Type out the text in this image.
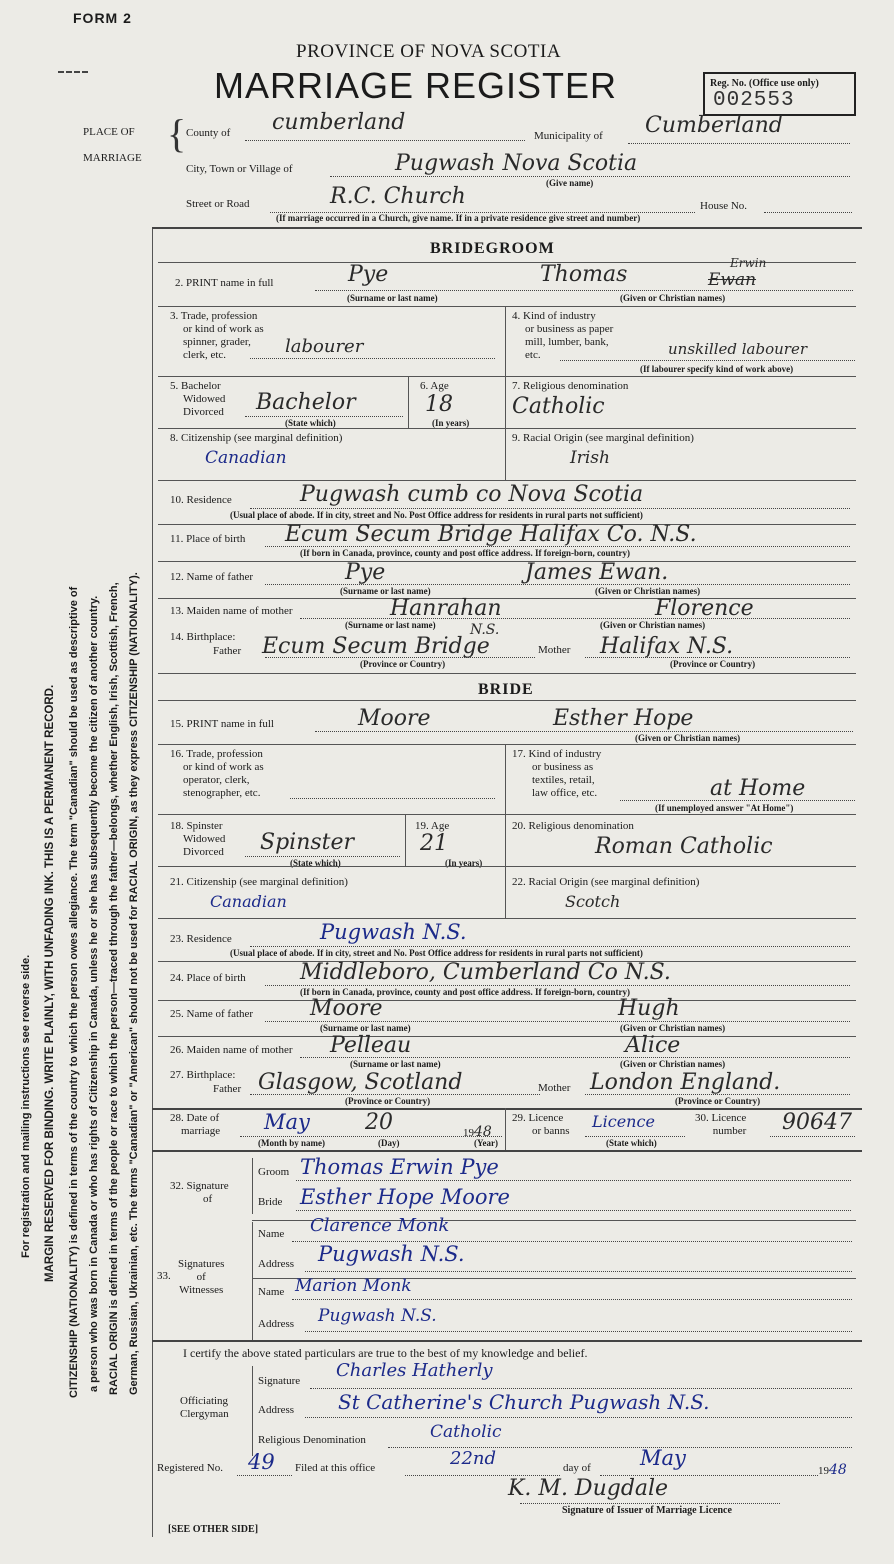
FORM 2
PROVINCE OF NOVA SCOTIA
MARRIAGE REGISTER	Reg. No. (Office use only)
002553
For registration and mailing instructions see reverse side. MARGIN RESERVED FOR BINDING. WRITE PLAINLY, WITH UNFADING INK. THIS IS A PERMANENT RECORD. CITIZENSHIP (NATIONALITY) is defined in terms of the country to which the person owes allegiance. The term "Canadian" should be used as descriptive of a person who was born in Canada or who has rights of Citizenship in Canada, unless he or she has subsequently become the citizen of another country. RACIAL ORIGIN is defined in terms of the people or race to which the person—traced through the father—belongs, whether English, Irish, Scottish, French, German, Russian, Ukrainian, etc. The terms "Canadian" or "American" should not be used for RACIAL ORIGIN, as they express CITIZENSHIP (NATIONALITY).
PLACE OF
MARRIAGE
{ County of cumberland
Municipality of Cumberland
City, Town or Village of	Pugwash Nova Scotia
(Give name)
Street or Road	R.C. Church	House No.
(If marriage occurred in a Church, give name. If in a private residence give street and number)
BRIDEGROOM
2. PRINT name in full	Pye	Thomas	Ewan
Erwin
(Surname or last name)	(Given or Christian names)
3. Trade, profession
or kind of work as
spinner, grader,
clerk, etc.	labourer
4. Kind of industry
or business as paper
mill, lumber, bank,
etc.	unskilled labourer
(If labourer specify kind of work above)
5. Bachelor
Widowed
Divorced Bachelor
(State which)
6. Age
18
(In years)
7. Religious denomination
Catholic
8. Citizenship (see marginal definition)
Canadian
9. Racial Origin (see marginal definition)
Irish
10. Residence	Pugwash cumb co Nova Scotia
(Usual place of abode. If in city, street and No. Post Office address for residents in rural parts not sufficient)
11. Place of birth Ecum Secum Bridge Halifax Co. N.S.
(If born in Canada, province, county and post office address. If foreign-born, country)
12. Name of father	Pye	James Ewan.
(Surname or last name)	(Given or Christian names)
13. Maiden name of mother	Hanrahan	Florence
(Surname or last name)	(Given or Christian names)
14. Birthplace:
Father Ecum Secum Bridge
N.S.
Mother Halifax N.S.
(Province or Country)	(Province or Country)
BRIDE
15. PRINT name in full	Moore	Esther Hope
(Given or Christian names)
16. Trade, profession
or kind of work as
operator, clerk,
stenographer, etc.
17. Kind of industry
or business as
textiles, retail,
law office, etc.	at Home
(If unemployed answer "At Home")
18. Spinster
Widowed
Divorced Spinster
(State which)
19. Age
21
(In years)
20. Religious denomination
Roman Catholic
21. Citizenship (see marginal definition)
Canadian
22. Racial Origin (see marginal definition)
Scotch
23. Residence	Pugwash N.S.
(Usual place of abode. If in city, street and No. Post Office address for residents in rural parts not sufficient)
24. Place of birth Middleboro, Cumberland Co N.S.
(If born in Canada, province, county and post office address. If foreign-born, country)
25. Name of father	Moore	Hugh
(Surname or last name)	(Given or Christian names)
26. Maiden name of mother Pelleau	Alice
(Surname or last name)	(Given or Christian names)
27. Birthplace:
Father Glasgow, Scotland	Mother London England.
(Province or Country)	(Province or Country)
28. Date of
marriage May	20	1948
(Month by name)	(Day)	(Year)
29. Licence
or banns Licence
(State which)
30. Licence
number 90647
32. Signature
of
Groom Thomas Erwin Pye
Bride Esther Hope Moore
33.
Signatures
of
Witnesses
Name Clarence Monk
Address Pugwash N.S.
Name Marion Monk
Address Pugwash N.S.
I certify the above stated particulars are true to the best of my knowledge and belief.
Officiating
Clergyman
Signature Charles Hatherly
Address St Catherine's Church Pugwash N.S.
Religious Denomination	Catholic
Registered No. 49 Filed at this office	22nd	day of May
1948
K. M. Dugdale
Signature of Issuer of Marriage Licence
[SEE OTHER SIDE]
